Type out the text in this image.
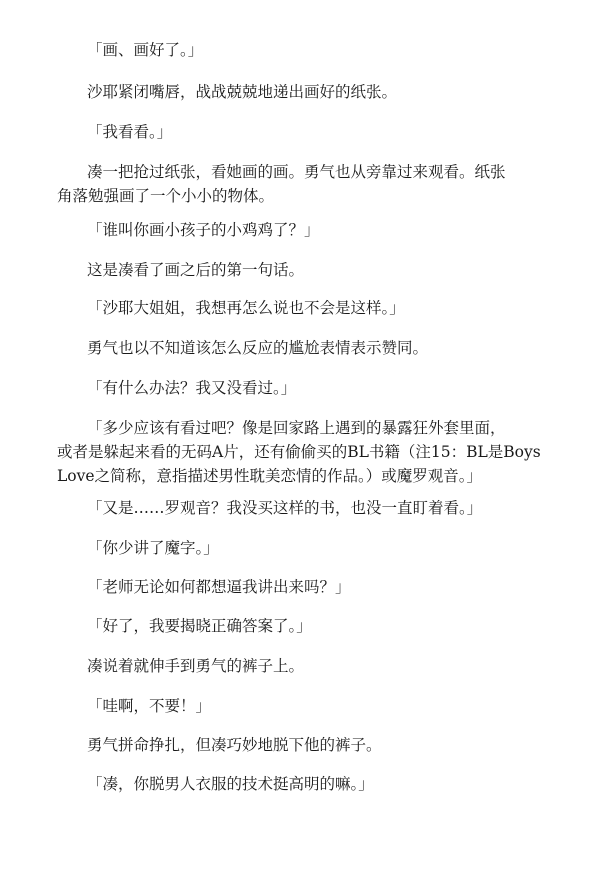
「画、画好了。」

沙耶紧闭嘴唇，战战兢兢地递出画好的纸张。

「我看看。」

凑一把抢过纸张，看她画的画。勇气也从旁靠过来观看。纸张
角落勉强画了一个小小的物体。

「谁叫你画小孩子的小鸡鸡了？」

这是凑看了画之后的第一句话。

「沙耶大姐姐，我想再怎么说也不会是这样。」

勇气也以不知道该怎么反应的尴尬表情表示赞同。

「有什么办法？我又没看过。」

「多少应该有看过吧？像是回家路上遇到的暴露狂外套里面，
或者是躲起来看的无码A片，还有偷偷买的BL书籍（注15：BL是Boys
Love之简称，意指描述男性耽美恋情的作品。）或魔罗观音。」

「又是……罗观音？我没买这样的书，也没一直盯着看。」

「你少讲了魔字。」

「老师无论如何都想逼我讲出来吗？」

「好了，我要揭晓正确答案了。」

凑说着就伸手到勇气的裤子上。

「哇啊，不要！」

勇气拼命挣扎，但凑巧妙地脱下他的裤子。

「凑，你脱男人衣服的技术挺高明的嘛。」
